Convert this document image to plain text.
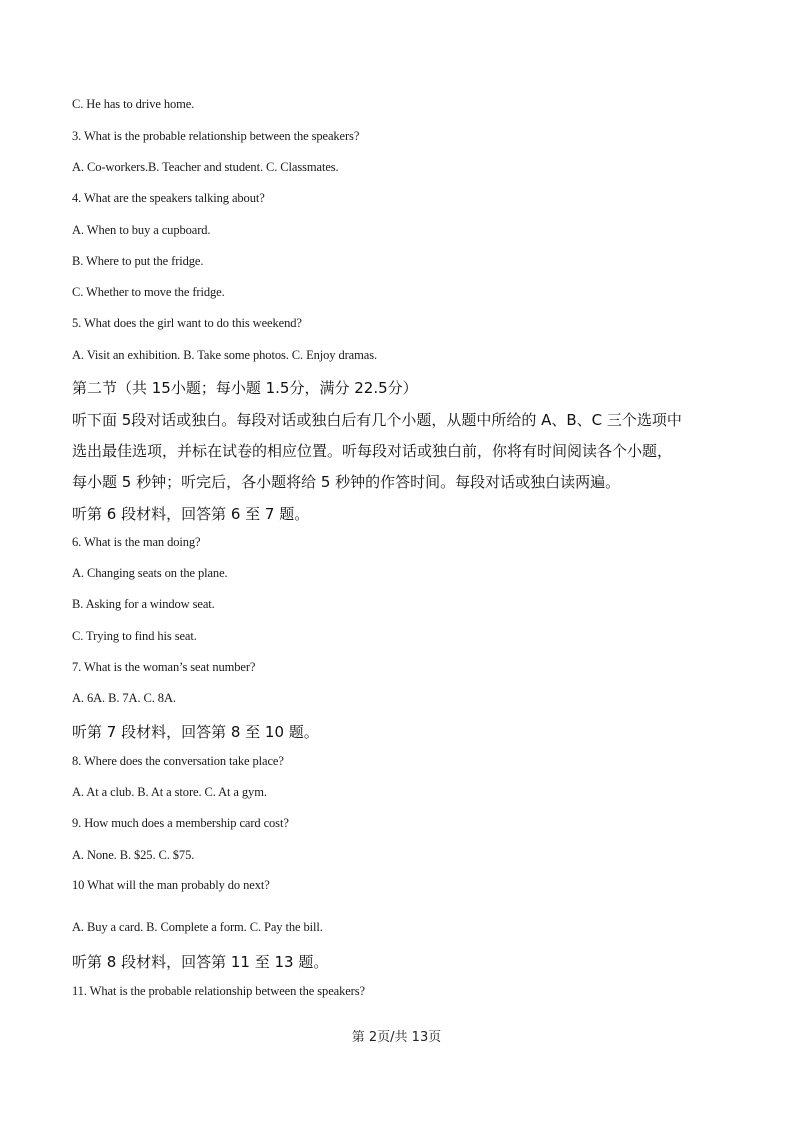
C. He has to drive home.
3. What is the probable relationship between the speakers?
A. Co-workers.B. Teacher and student. C. Classmates.
4. What are the speakers talking about?
A. When to buy a cupboard.
B. Where to put the fridge.
C. Whether to move the fridge.
5. What does the girl want to do this weekend?
A. Visit an exhibition. B. Take some photos. C. Enjoy dramas.
第二节（共 15小题；每小题 1.5分，满分 22.5分）
听下面 5段对话或独白。每段对话或独白后有几个小题，从题中所给的 A、B、C 三个选项中
选出最佳选项，并标在试卷的相应位置。听每段对话或独白前，你将有时间阅读各个小题，
每小题 5 秒钟；听完后，各小题将给 5 秒钟的作答时间。每段对话或独白读两遍。
听第 6 段材料，回答第 6 至 7 题。
6. What is the man doing?
A. Changing seats on the plane.
B. Asking for a window seat.
C. Trying to find his seat.
7. What is the woman’s seat number?
A. 6A. B. 7A. C. 8A.
听第 7 段材料，回答第 8 至 10 题。
8. Where does the conversation take place?
A. At a club. B. At a store. C. At a gym.
9. How much does a membership card cost?
A. None. B. $25. C. $75.
10 What will the man probably do next?
A. Buy a card. B. Complete a form. C. Pay the bill.
听第 8 段材料，回答第 11 至 13 题。
11. What is the probable relationship between the speakers?
第 2页/共 13页
